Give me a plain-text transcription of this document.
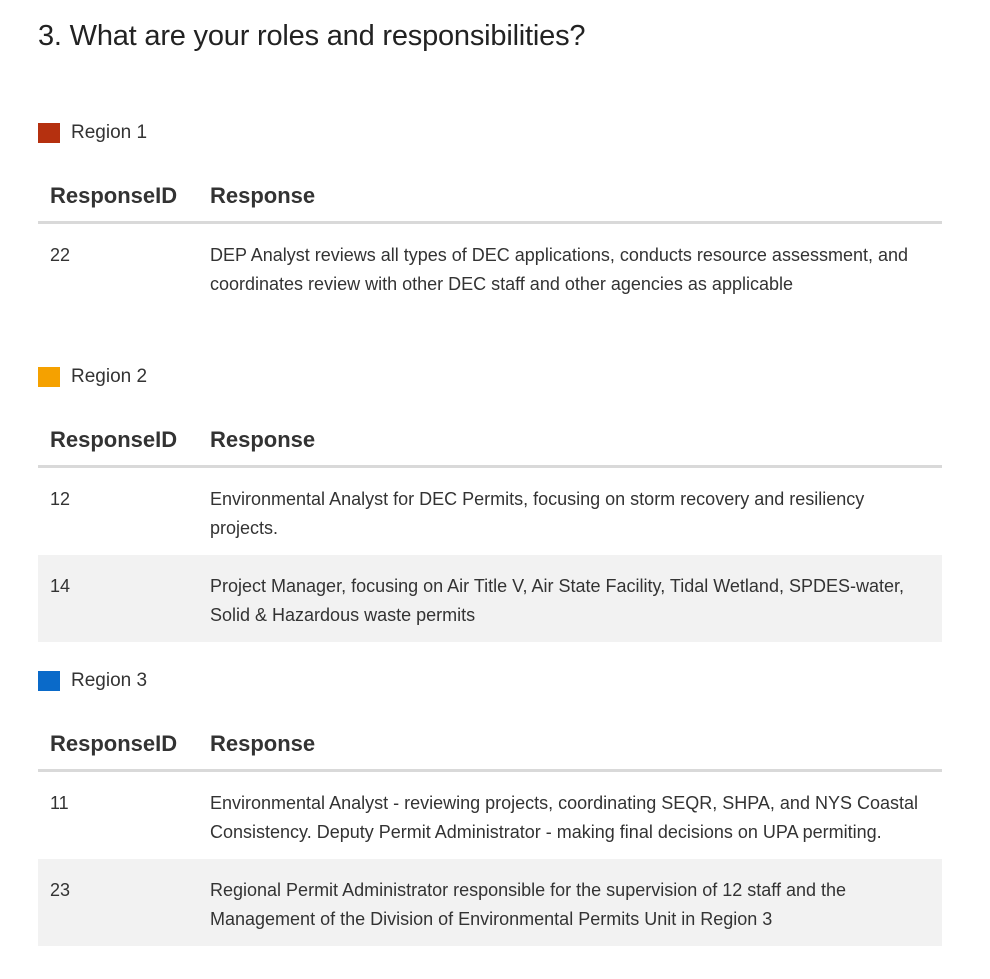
3. What are your roles and responsibilities?
Region 1
ResponseID	Response
22	DEP Analyst reviews all types of DEC applications, conducts resource assessment, and coordinates review with other DEC staff and other agencies as applicable
Region 2
ResponseID	Response
12	Environmental Analyst for DEC Permits, focusing on storm recovery and resiliency projects.
14	Project Manager, focusing on Air Title V, Air State Facility, Tidal Wetland, SPDES-water, Solid & Hazardous waste permits
Region 3
ResponseID	Response
11	Environmental Analyst - reviewing projects, coordinating SEQR, SHPA, and NYS Coastal Consistency. Deputy Permit Administrator - making final decisions on UPA permiting.
23	Regional Permit Administrator responsible for the supervision of 12 staff and the Management of the Division of Environmental Permits Unit in Region 3
